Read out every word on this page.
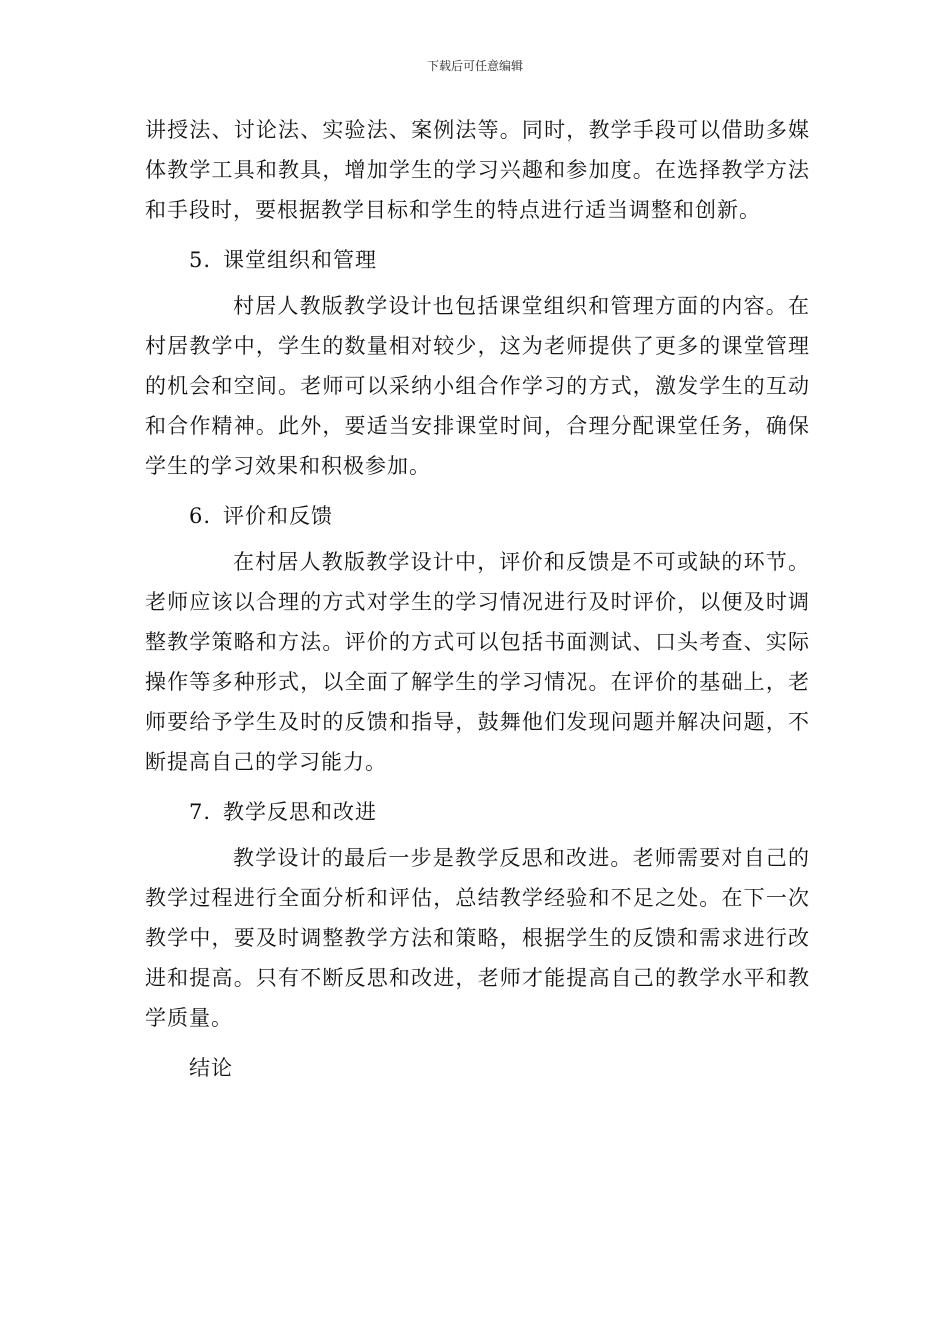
下载后可任意编辑

讲授法、讨论法、实验法、案例法等。同时，教学手段可以借助多媒体教学工具和教具，增加学生的学习兴趣和参加度。在选择教学方法和手段时，要根据教学目标和学生的特点进行适当调整和创新。

5. 课堂组织和管理

村居人教版教学设计也包括课堂组织和管理方面的内容。在村居教学中，学生的数量相对较少，这为老师提供了更多的课堂管理的机会和空间。老师可以采纳小组合作学习的方式，激发学生的互动和合作精神。此外，要适当安排课堂时间，合理分配课堂任务，确保学生的学习效果和积极参加。

6. 评价和反馈

在村居人教版教学设计中，评价和反馈是不可或缺的环节。老师应该以合理的方式对学生的学习情况进行及时评价，以便及时调整教学策略和方法。评价的方式可以包括书面测试、口头考查、实际操作等多种形式，以全面了解学生的学习情况。在评价的基础上，老师要给予学生及时的反馈和指导，鼓舞他们发现问题并解决问题，不断提高自己的学习能力。

7. 教学反思和改进

教学设计的最后一步是教学反思和改进。老师需要对自己的教学过程进行全面分析和评估，总结教学经验和不足之处。在下一次教学中，要及时调整教学方法和策略，根据学生的反馈和需求进行改进和提高。只有不断反思和改进，老师才能提高自己的教学水平和教学质量。

结论
